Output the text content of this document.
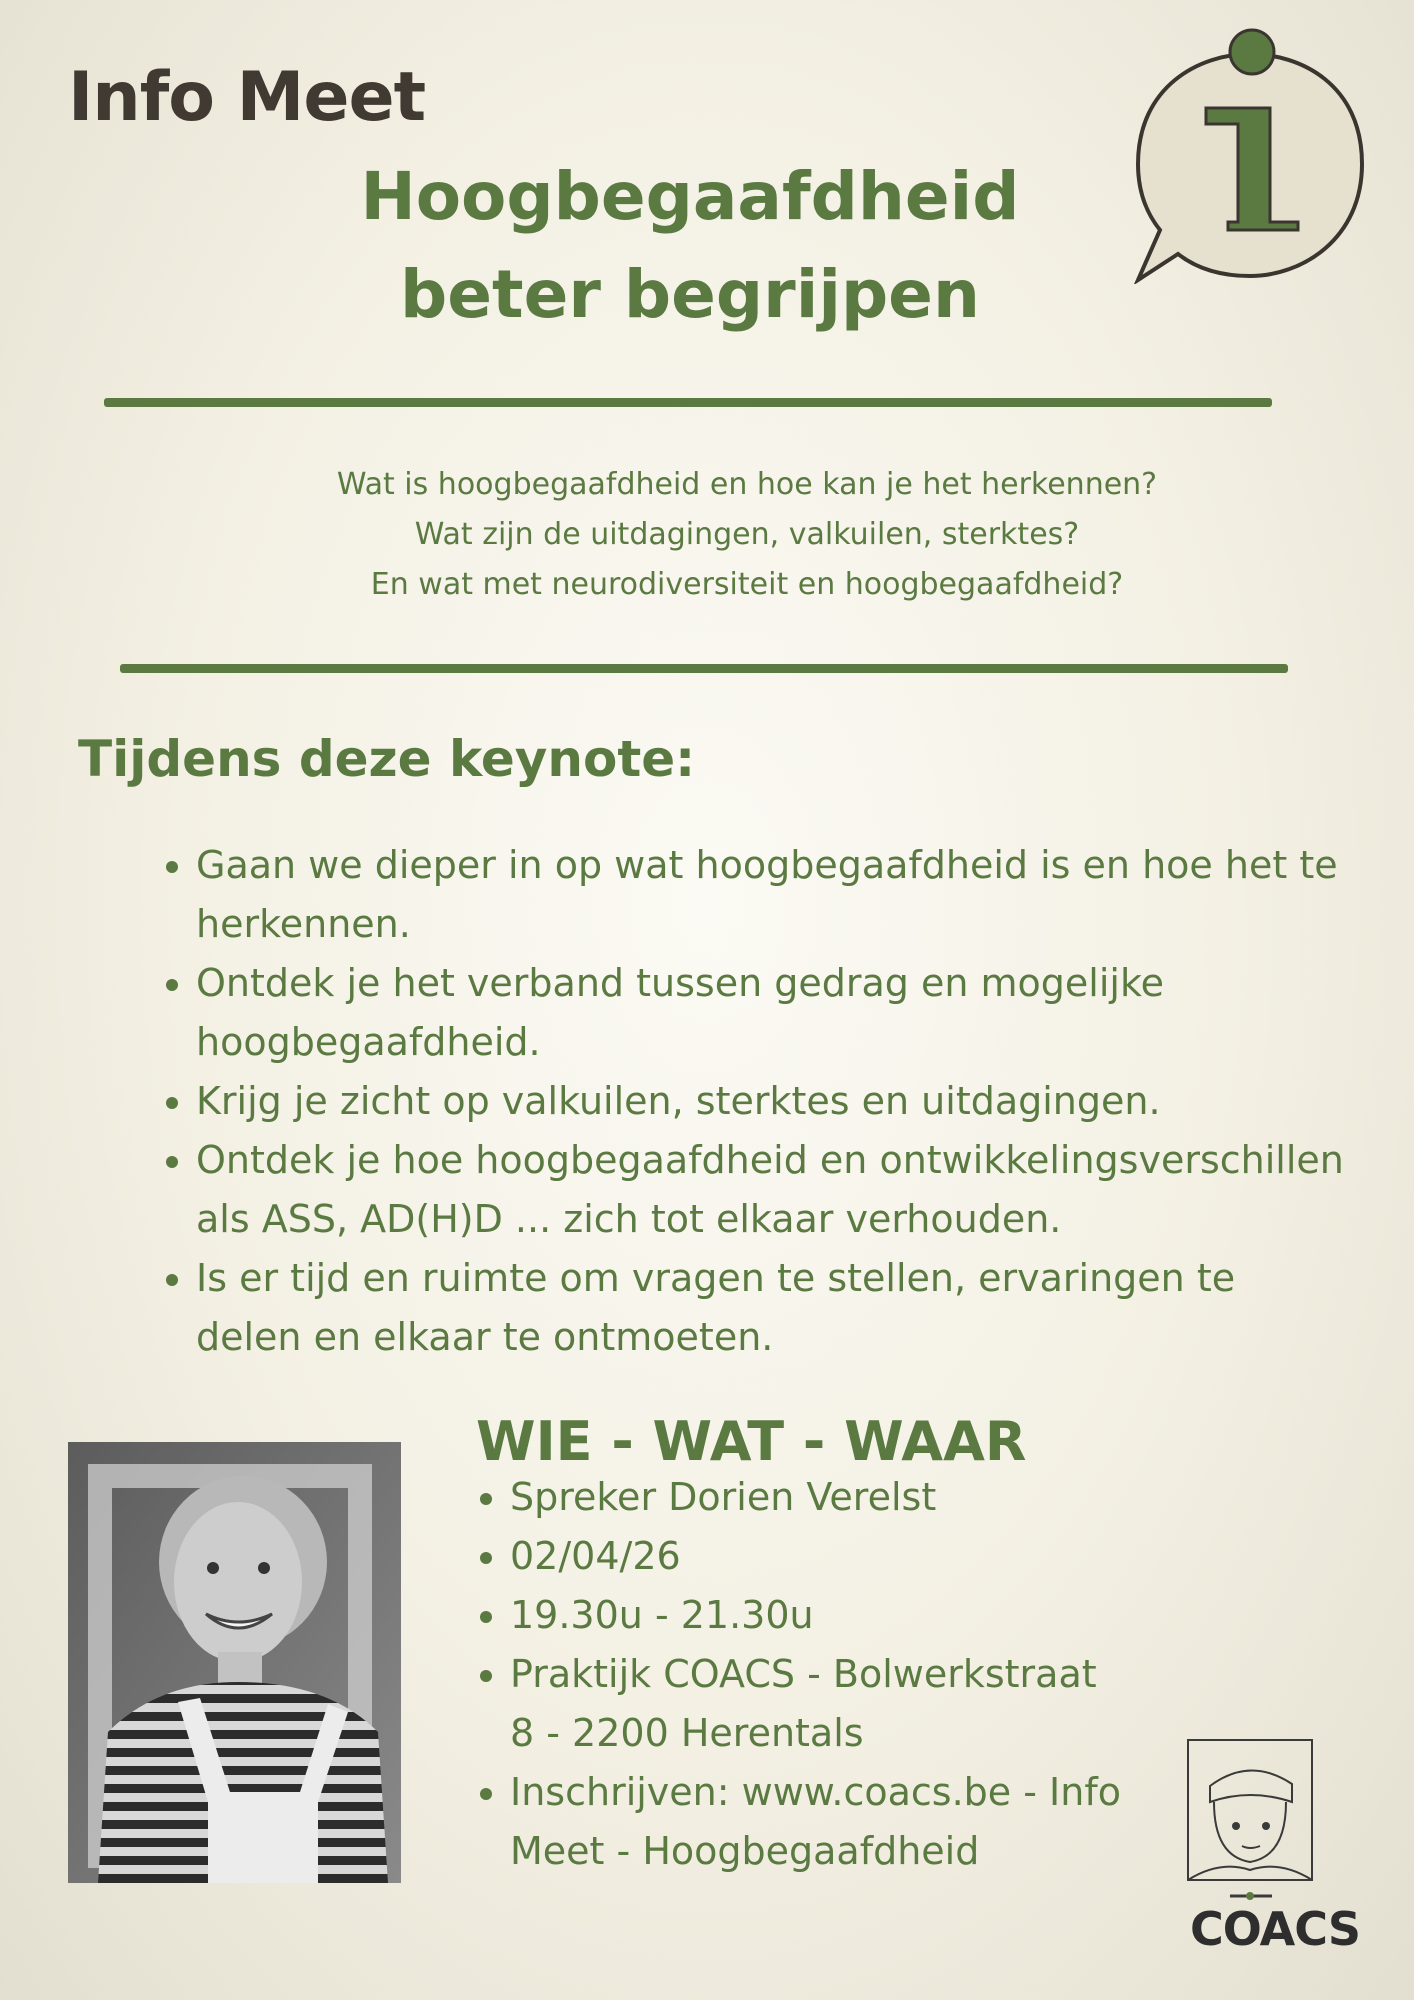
Info Meet
Hoogbegaafdheid
beter begrijpen
Wat is hoogbegaafdheid en hoe kan je het herkennen?
Wat zijn de uitdagingen, valkuilen, sterktes?
En wat met neurodiversiteit en hoogbegaafdheid?
Tijdens deze keynote:
• Gaan we dieper in op wat hoogbegaafdheid is en hoe het te herkennen.
• Ontdek je het verband tussen gedrag en mogelijke hoogbegaafdheid.
• Krijg je zicht op valkuilen, sterktes en uitdagingen.
• Ontdek je hoe hoogbegaafdheid en ontwikkelingsverschillen als ASS, AD(H)D ... zich tot elkaar verhouden.
• Is er tijd en ruimte om vragen te stellen, ervaringen te delen en elkaar te ontmoeten.
WIE - WAT - WAAR
• Spreker Dorien Verelst
• 02/04/26
• 19.30u - 21.30u
• Praktijk COACS - Bolwerkstraat 8 - 2200 Herentals
• Inschrijven: www.coacs.be - Info Meet - Hoogbegaafdheid
COACS
